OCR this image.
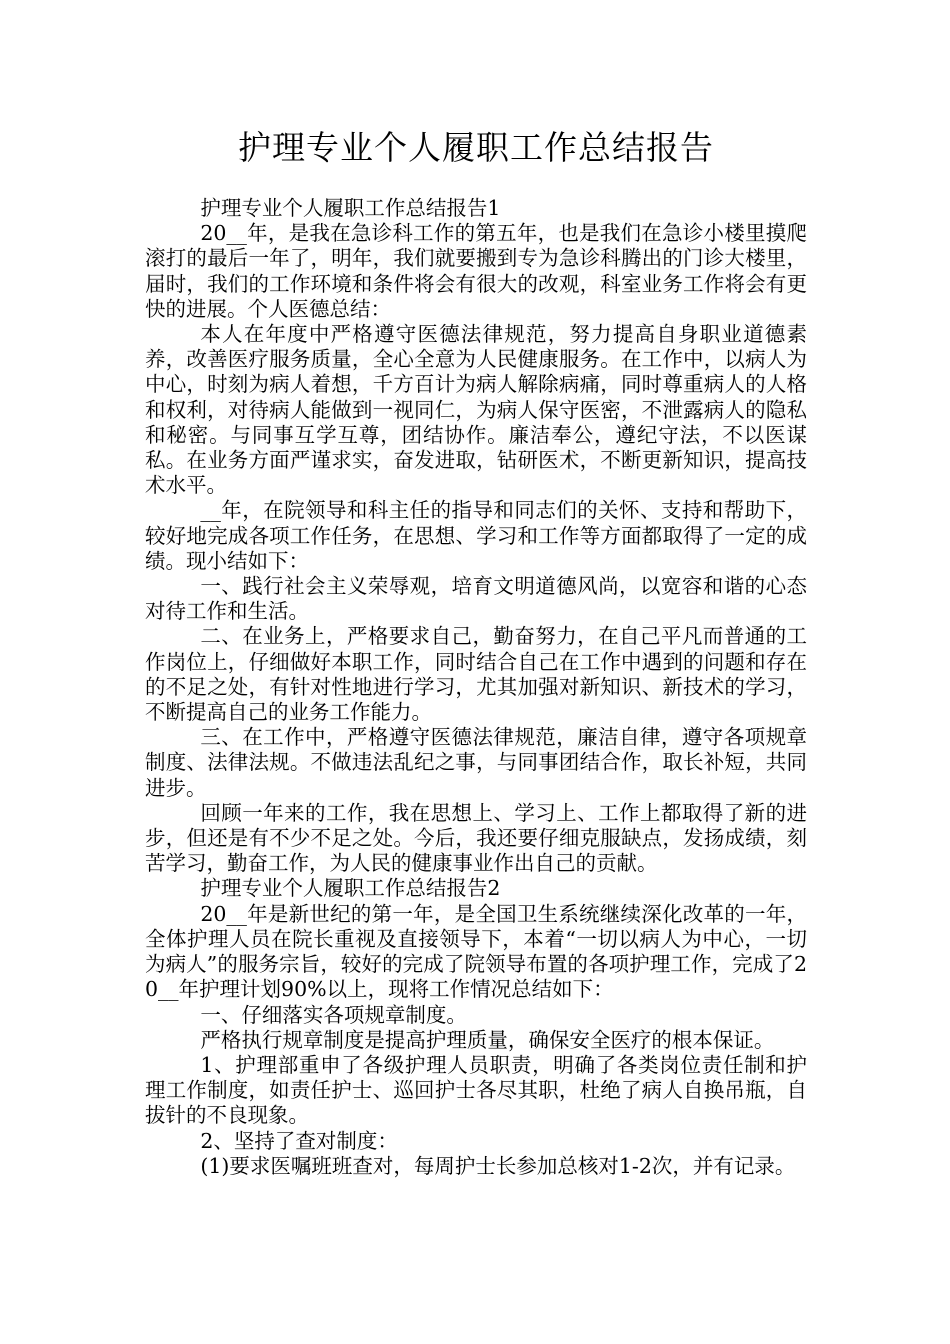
护理专业个人履职工作总结报告

护理专业个人履职工作总结报告1

20__年，是我在急诊科工作的第五年，也是我们在急诊小楼里摸爬滚打的最后一年了，明年，我们就要搬到专为急诊科腾出的门诊大楼里，届时，我们的工作环境和条件将会有很大的改观，科室业务工作将会有更快的进展。个人医德总结：

本人在年度中严格遵守医德法律规范，努力提高自身职业道德素养，改善医疗服务质量，全心全意为人民健康服务。在工作中，以病人为中心，时刻为病人着想，千方百计为病人解除病痛，同时尊重病人的人格和权利，对待病人能做到一视同仁，为病人保守医密，不泄露病人的隐私和秘密。与同事互学互尊，团结协作。廉洁奉公，遵纪守法，不以医谋私。在业务方面严谨求实，奋发进取，钻研医术，不断更新知识，提高技术水平。

__年，在院领导和科主任的指导和同志们的关怀、支持和帮助下，较好地完成各项工作任务，在思想、学习和工作等方面都取得了一定的成绩。现小结如下：

一、践行社会主义荣辱观，培育文明道德风尚，以宽容和谐的心态对待工作和生活。

二、在业务上，严格要求自己，勤奋努力，在自己平凡而普通的工作岗位上，仔细做好本职工作，同时结合自己在工作中遇到的问题和存在的不足之处，有针对性地进行学习，尤其加强对新知识、新技术的学习，不断提高自己的业务工作能力。

三、在工作中，严格遵守医德法律规范，廉洁自律，遵守各项规章制度、法律法规。不做违法乱纪之事，与同事团结合作，取长补短，共同进步。

回顾一年来的工作，我在思想上、学习上、工作上都取得了新的进步，但还是有不少不足之处。今后，我还要仔细克服缺点，发扬成绩，刻苦学习，勤奋工作，为人民的健康事业作出自己的贡献。

护理专业个人履职工作总结报告2

20__年是新世纪的第一年，是全国卫生系统继续深化改革的一年，全体护理人员在院长重视及直接领导下，本着“一切以病人为中心，一切为病人”的服务宗旨，较好的完成了院领导布置的各项护理工作，完成了20__年护理计划90%以上，现将工作情况总结如下：

一、仔细落实各项规章制度。

严格执行规章制度是提高护理质量，确保安全医疗的根本保证。

1、护理部重申了各级护理人员职责，明确了各类岗位责任制和护理工作制度，如责任护士、巡回护士各尽其职，杜绝了病人自换吊瓶，自拔针的不良现象。

2、坚持了查对制度：

(1)要求医嘱班班查对，每周护士长参加总核对1-2次，并有记录。
